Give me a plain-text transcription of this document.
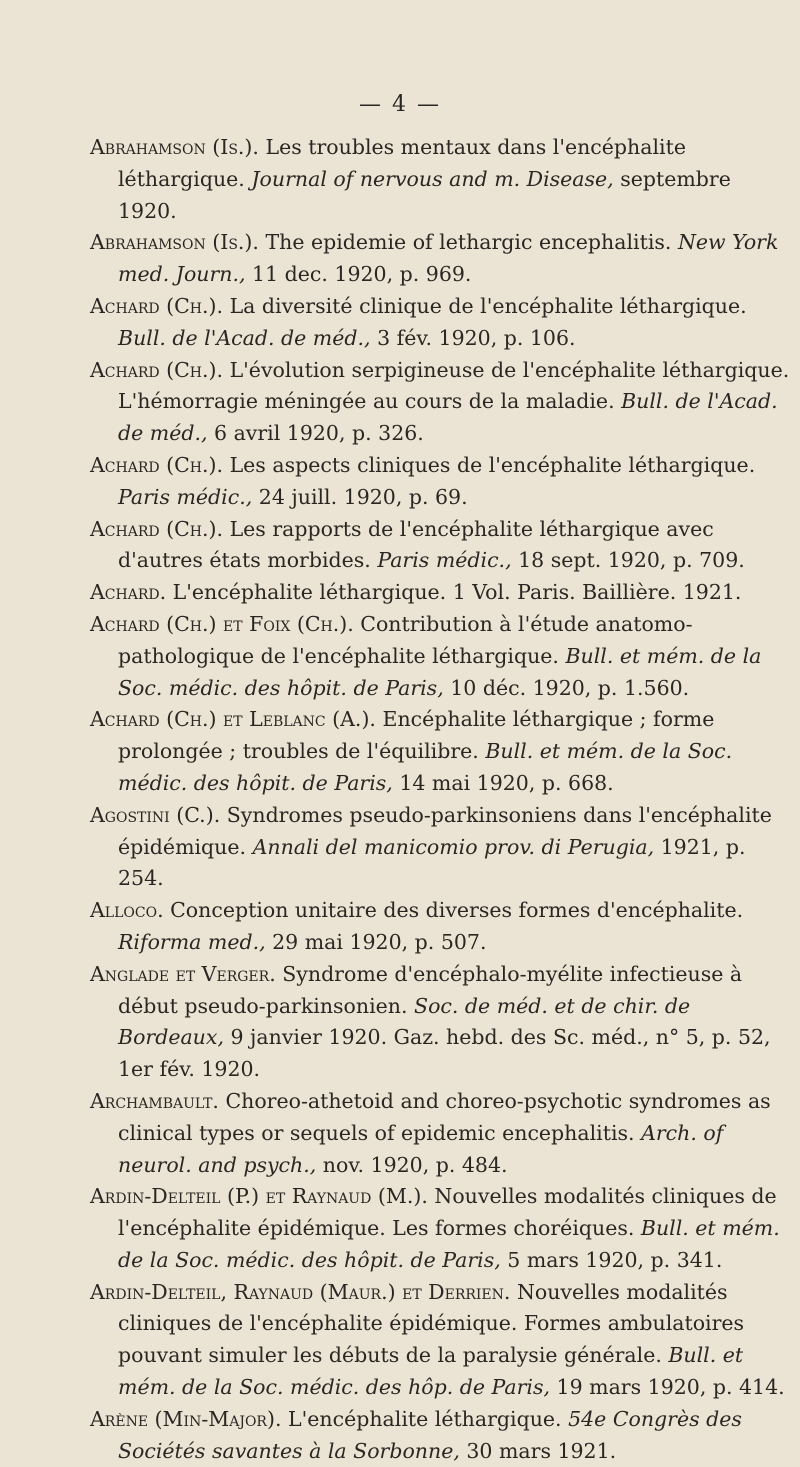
— 4 —
Abrahamson (Is.). Les troubles mentaux dans l'encéphalite léthargique. Journal of nervous and m. Disease, septembre 1920.
Abrahamson (Is.). The epidemie of lethargic encephalitis. New York med. Journ., 11 dec. 1920, p. 969.
Achard (Ch.). La diversité clinique de l'encéphalite léthargique. Bull. de l'Acad. de méd., 3 fév. 1920, p. 106.
Achard (Ch.). L'évolution serpigineuse de l'encéphalite léthargique. L'hémorragie méningée au cours de la maladie. Bull. de l'Acad. de méd., 6 avril 1920, p. 326.
Achard (Ch.). Les aspects cliniques de l'encéphalite léthargique. Paris médic., 24 juill. 1920, p. 69.
Achard (Ch.). Les rapports de l'encéphalite léthargique avec d'autres états morbides. Paris médic., 18 sept. 1920, p. 709.
Achard. L'encéphalite léthargique. 1 Vol. Paris. Baillière. 1921.
Achard (Ch.) et Foix (Ch.). Contribution à l'étude anatomo-pathologique de l'encéphalite léthargique. Bull. et mém. de la Soc. médic. des hôpit. de Paris, 10 déc. 1920, p. 1.560.
Achard (Ch.) et Leblanc (A.). Encéphalite léthargique ; forme prolongée ; troubles de l'équilibre. Bull. et mém. de la Soc. médic. des hôpit. de Paris, 14 mai 1920, p. 668.
Agostini (C.). Syndromes pseudo-parkinsoniens dans l'encéphalite épidémique. Annali del manicomio prov. di Perugia, 1921, p. 254.
Alloco. Conception unitaire des diverses formes d'encéphalite. Riforma med., 29 mai 1920, p. 507.
Anglade et Verger. Syndrome d'encéphalo-myélite infectieuse à début pseudo-parkinsonien. Soc. de méd. et de chir. de Bordeaux, 9 janvier 1920. Gaz. hebd. des Sc. méd., n° 5, p. 52, 1er fév. 1920.
Archambault. Choreo-athetoid and choreo-psychotic syndromes as clinical types or sequels of epidemic encephalitis. Arch. of neurol. and psych., nov. 1920, p. 484.
Ardin-Delteil (P.) et Raynaud (M.). Nouvelles modalités cliniques de l'encéphalite épidémique. Les formes choréiques. Bull. et mém. de la Soc. médic. des hôpit. de Paris, 5 mars 1920, p. 341.
Ardin-Delteil, Raynaud (Maur.) et Derrien. Nouvelles modalités cliniques de l'encéphalite épidémique. Formes ambulatoires pouvant simuler les débuts de la paralysie générale. Bull. et mém. de la Soc. médic. des hôp. de Paris, 19 mars 1920, p. 414.
Arène (Min-Major). L'encéphalite léthargique. 54e Congrès des Sociétés savantes à la Sorbonne, 30 mars 1921.
